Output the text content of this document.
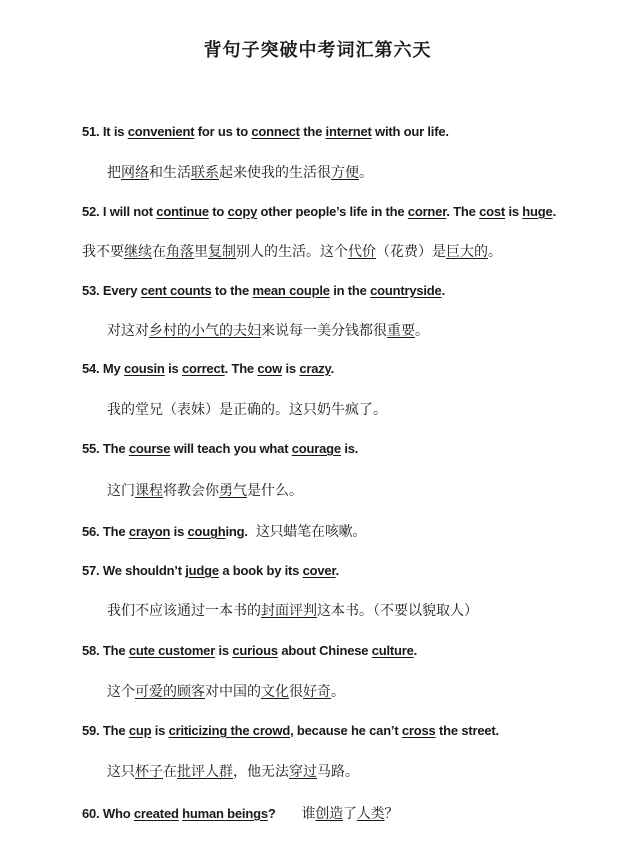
背句子突破中考词汇第六天
51. It is convenient for us to connect the internet with our life.
把网络和生活联系起来使我的生活很方便。
52. I will not continue to copy other people’s life in the corner. The cost is huge.
我不要继续在角落里复制别人的生活。这个代价（花费）是巨大的。
53. Every cent counts to the mean couple in the countryside.
对这对乡村的小气的夫妇来说每一美分钱都很重要。
54. My cousin is correct. The cow is crazy.
我的堂兄（表妹）是正确的。这只奶牛疯了。
55. The course will teach you what courage is.
这门课程将教会你勇气是什么。
56. The crayon is coughing. 这只蜡笔在咳嗽。
57. We shouldn’t judge a book by its cover.
我们不应该通过一本书的封面评判这本书。（不要以貌取人）
58. The cute customer is curious about Chinese culture.
这个可爱的顾客对中国的文化很好奇。
59. The cup is criticizing the crowd, because he can’t cross the street.
这只杯子在批评人群，他无法穿过马路。
60. Who created human beings? 谁创造了人类？
